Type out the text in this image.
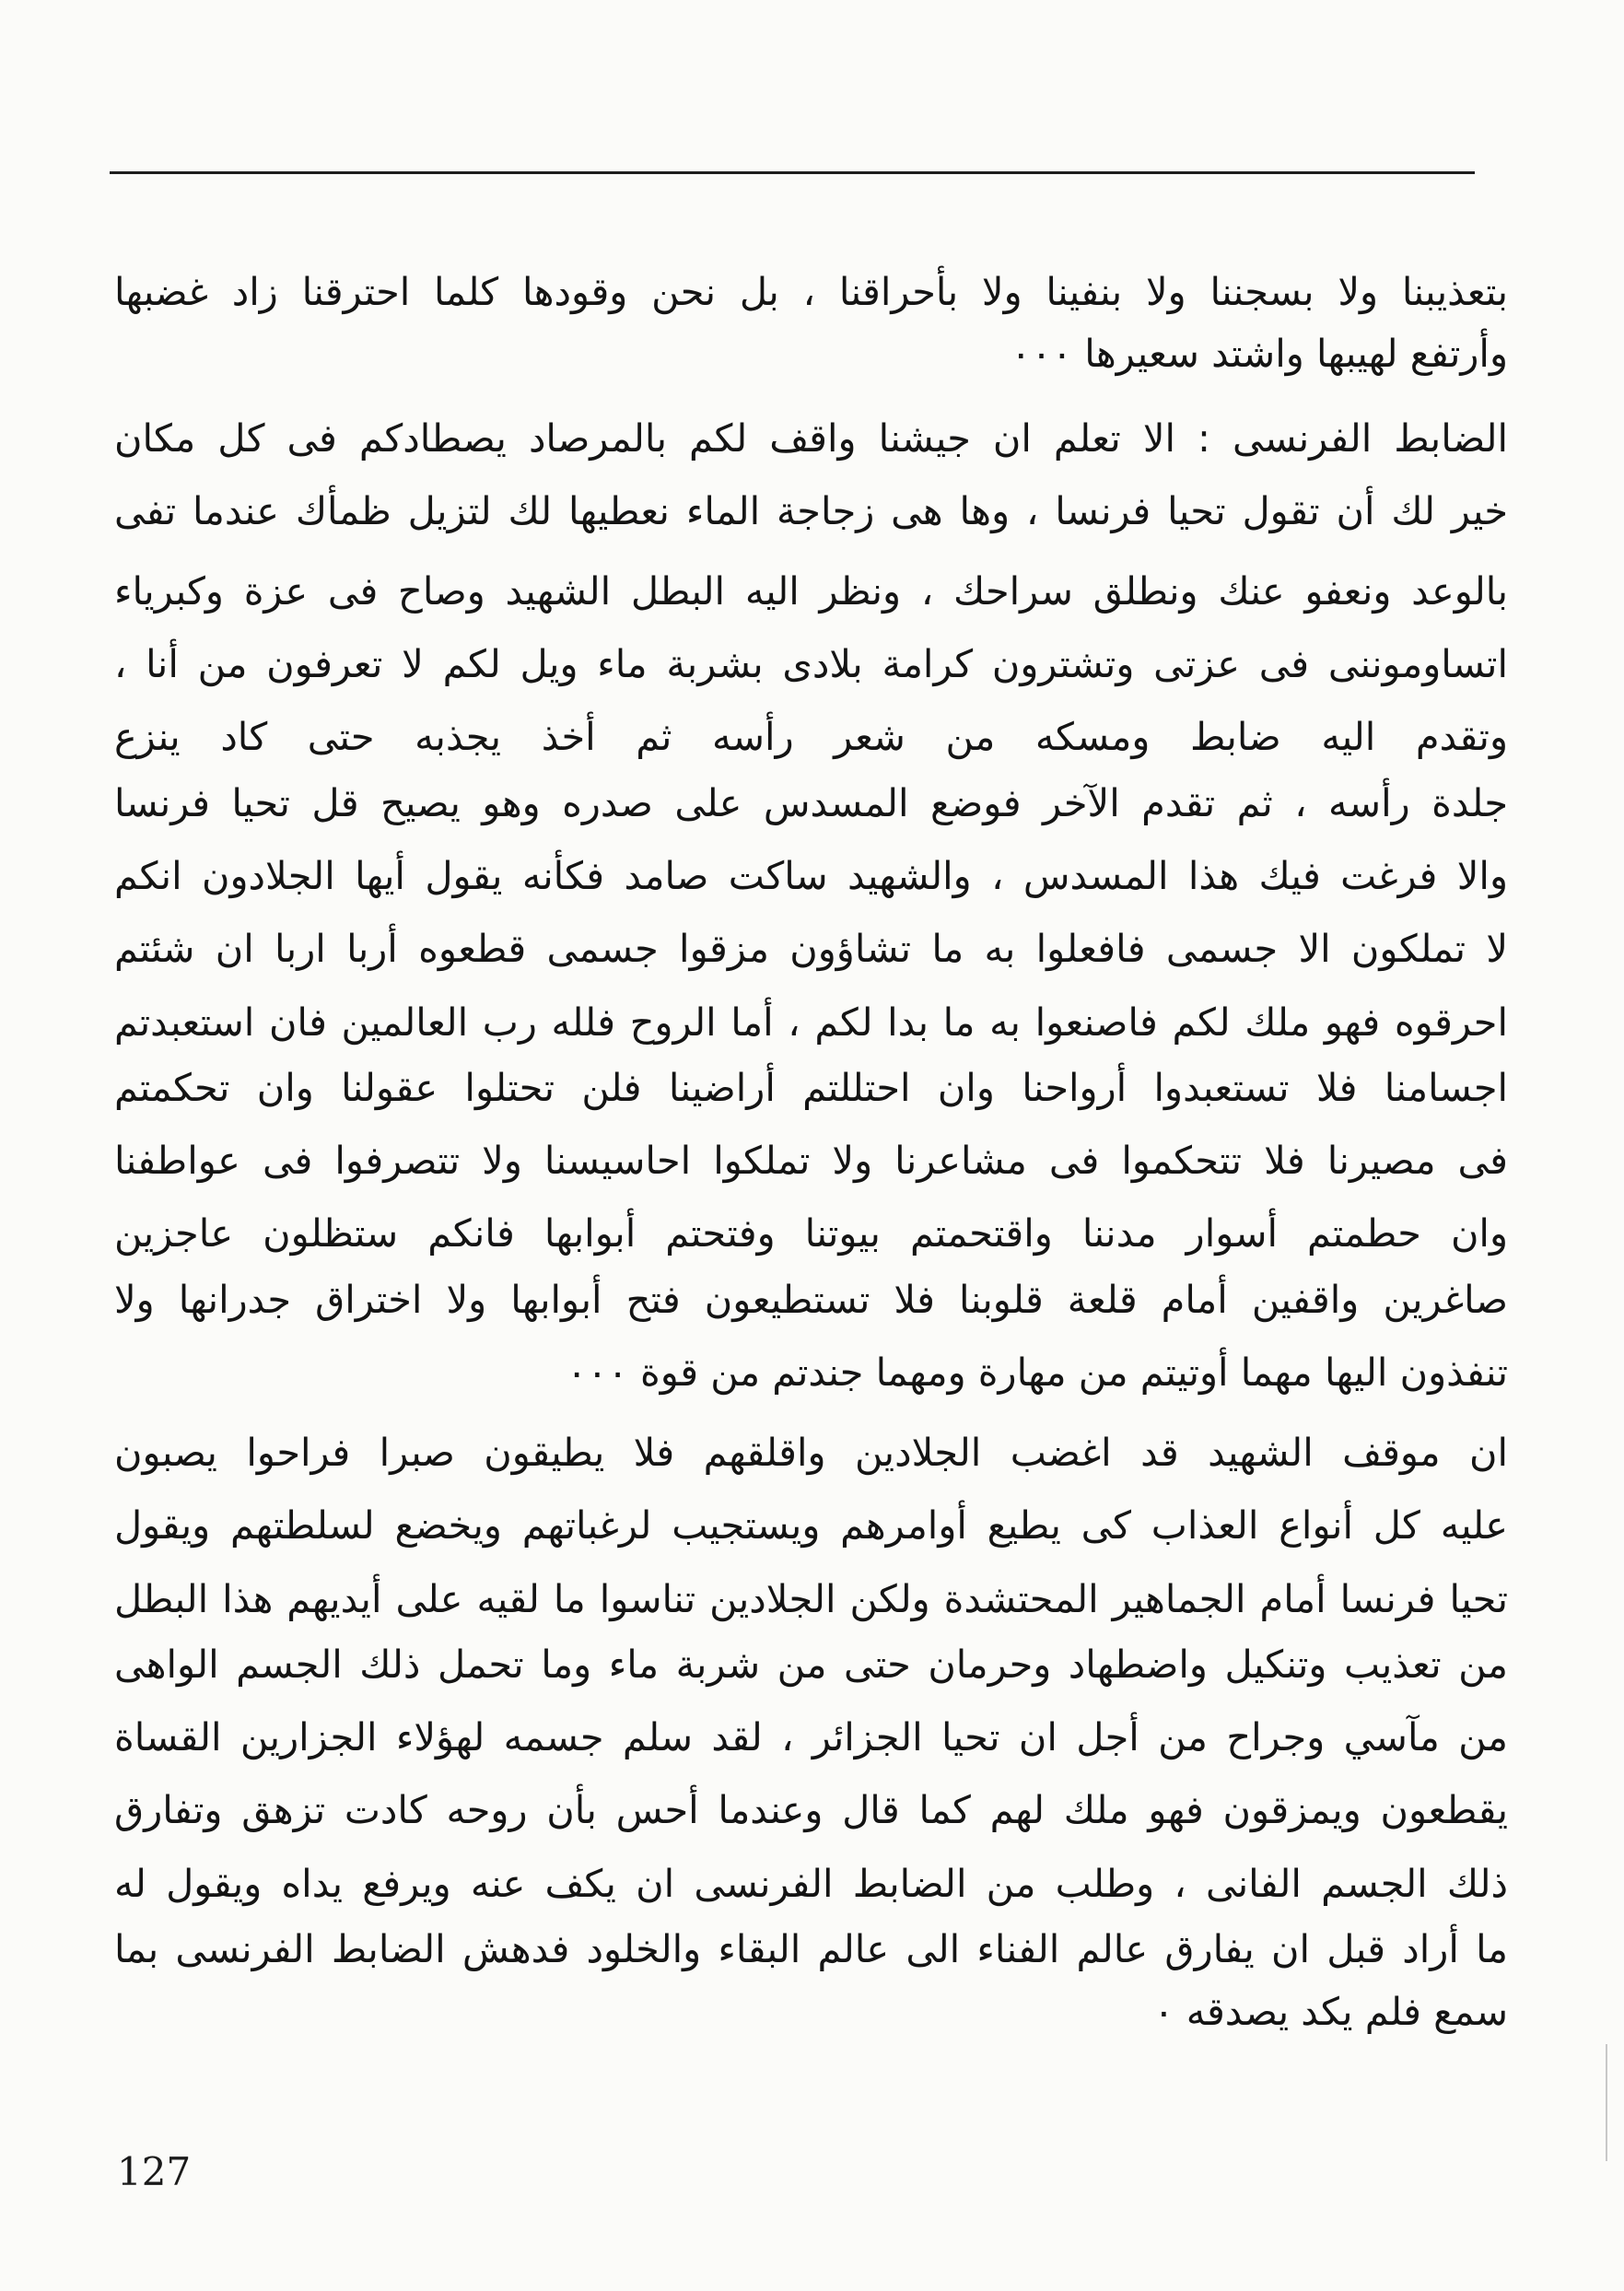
بتعذيبنا ولا بسجننا ولا بنفينا ولا بأحراقنا ، بل نحن وقودها كلما احترقنا زاد غضبها
وأرتفع لهيبها واشتد سعيرها ٠٠٠
الضابط الفرنسى : الا تعلم ان جيشنا واقف لكم بالمرصاد يصطادكم فى كل مكان
خير لك أن تقول تحيا فرنسا ، وها هى زجاجة الماء نعطيها لك لتزيل ظمأك عندما تفى
بالوعد ونعفو عنك ونطلق سراحك ، ونظر اليه البطل الشهيد وصاح فى عزة وكبرياء
اتساوموننى فى عزتى وتشترون كرامة بلادى بشربة ماء ويل لكم لا تعرفون من أنا ،
وتقدم اليه ضابط ومسكه من شعر رأسه ثم أخذ يجذبه حتى كاد ينزع
جلدة رأسه ، ثم تقدم الآخر فوضع المسدس على صدره وهو يصيح قل تحيا فرنسا
والا فرغت فيك هذا المسدس ، والشهيد ساكت صامد فكأنه يقول أيها الجلادون انكم
لا تملكون الا جسمى فافعلوا به ما تشاؤون مزقوا جسمى قطعوه أربا اربا ان شئتم
احرقوه فهو ملك لكم فاصنعوا به ما بدا لكم ، أما الروح فلله رب العالمين فان استعبدتم
اجسامنا فلا تستعبدوا أرواحنا وان احتللتم أراضينا فلن تحتلوا عقولنا وان تحكمتم
فى مصيرنا فلا تتحكموا فى مشاعرنا ولا تملكوا احاسيسنا ولا تتصرفوا فى عواطفنا
وان حطمتم أسوار مدننا واقتحمتم بيوتنا وفتحتم أبوابها فانكم ستظلون عاجزين
صاغرين واقفين أمام قلعة قلوبنا فلا تستطيعون فتح أبوابها ولا اختراق جدرانها ولا
تنفذون اليها مهما أوتيتم من مهارة ومهما جندتم من قوة ٠٠٠
ان موقف الشهيد قد اغضب الجلادين واقلقهم فلا يطيقون صبرا فراحوا يصبون
عليه كل أنواع العذاب كى يطيع أوامرهم ويستجيب لرغباتهم ويخضع لسلطتهم ويقول
تحيا فرنسا أمام الجماهير المحتشدة ولكن الجلادين تناسوا ما لقيه على أيديهم هذا البطل
من تعذيب وتنكيل واضطهاد وحرمان حتى من شربة ماء وما تحمل ذلك الجسم الواهى
من مآسي وجراح من أجل ان تحيا الجزائر ، لقد سلم جسمه لهؤلاء الجزارين القساة
يقطعون ويمزقون فهو ملك لهم كما قال وعندما أحس بأن روحه كادت تزهق وتفارق
ذلك الجسم الفانى ، وطلب من الضابط الفرنسى ان يكف عنه ويرفع يداه ويقول له
ما أراد قبل ان يفارق عالم الفناء الى عالم البقاء والخلود فدهش الضابط الفرنسى بما
سمع فلم يكد يصدقه ٠
127
